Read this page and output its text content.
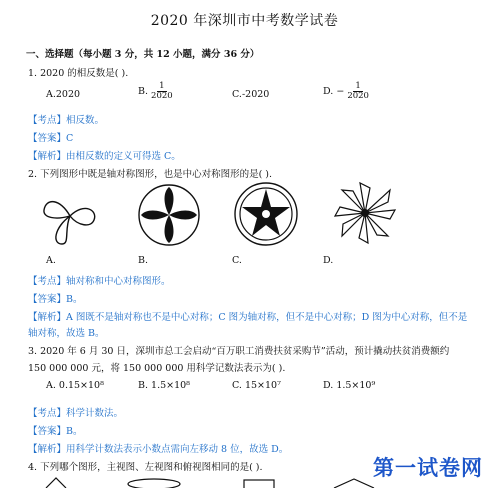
2020 年深圳市中考数学试卷
一、选择题（每小题 3 分，共 12 小题，满分 36 分）
1. 2020 的相反数是( ).
A.2020	B. $\frac{1}{2020}$	C.-2020	D. − $\frac{1}{2020}$
【考点】相反数。
【答案】C
【解析】由相反数的定义可得选 C。
2. 下列图形中既是轴对称图形，也是中心对称图形的是( ).
A.	B.	C.	D.
【考点】轴对称和中心对称图形。
【答案】B。
【解析】A 图既不是轴对称也不是中心对称；C 图为轴对称，但不是中心对称；D 图为中心对称，但不是
轴对称，故选 B。
3. 2020 年 6 月 30 日，深圳市总工会启动“百万职工消费扶贫采购节”活动，预计撬动扶贫消费额约
150 000 000 元，将 150 000 000 用科学记数法表示为( ).
A. 0.15×10⁸	B. 1.5×10⁸	C. 15×10⁷	D. 1.5×10⁹
【考点】科学计数法。
【答案】B。
【解析】用科学计数法表示小数点需向左移动 8 位，故选 D。
4. 下列哪个图形，主视图、左视图和俯视图相同的是( ).	第一试卷网
